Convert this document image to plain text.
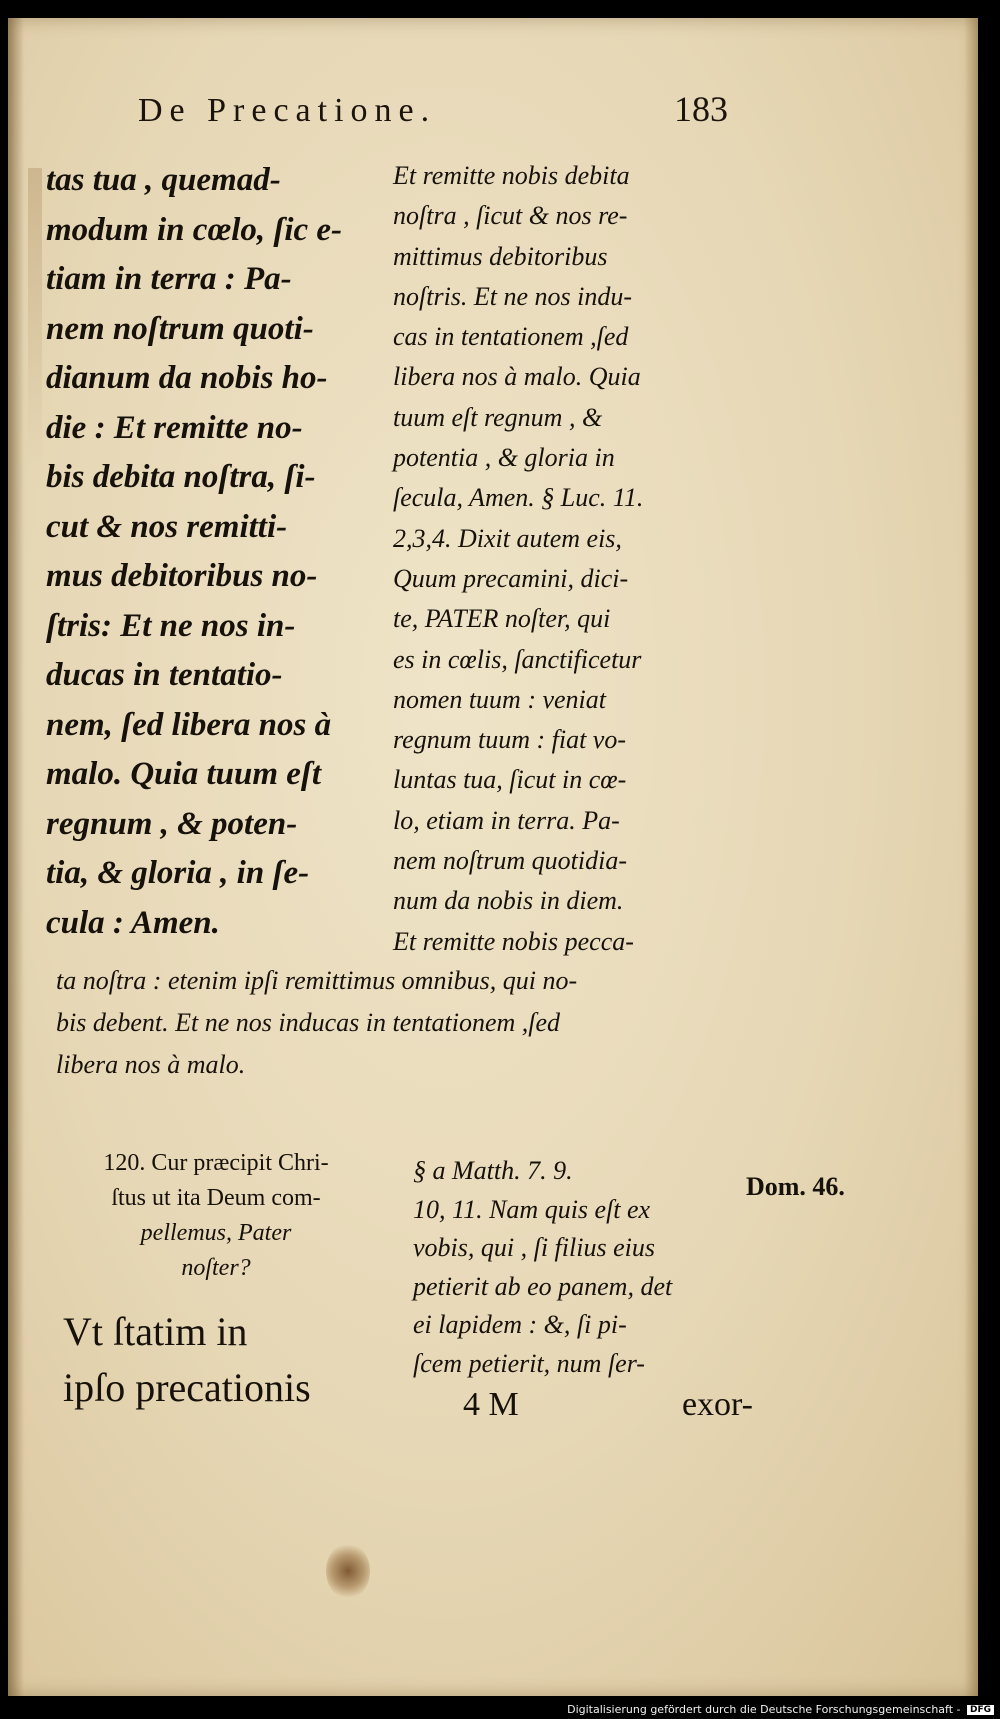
De Precatione.	183
tas tua , quemad-
modum in cœlo, ſic e-
tiam in terra : Pa-
nem noſtrum quoti-
dianum da nobis ho-
die : Et remitte no-
bis debita noſtra, ſi-
cut & nos remitti-
mus debitoribus no-
ſtris: Et ne nos in-
ducas in tentatio-
nem, ſed libera nos à
malo. Quia tuum eſt
regnum , & poten-
tia, & gloria , in ſe-
cula : Amen.
Et remitte nobis debita
noſtra , ſicut & nos re-
mittimus debitoribus
noſtris. Et ne nos indu-
cas in tentationem ,ſed
libera nos à malo. Quia
tuum eſt regnum , &
potentia , & gloria in
ſecula, Amen. § Luc. 11.
2,3,4. Dixit autem eis,
Quum precamini, dici-
te, PATER noſter, qui
es in cœlis, ſanctificetur
nomen tuum : veniat
regnum tuum : fiat vo-
luntas tua, ſicut in cœ-
lo, etiam in terra. Pa-
nem noſtrum quotidia-
num da nobis in diem.
Et remitte nobis pecca-
ta noſtra : etenim ipſi remittimus omnibus, qui no-
bis debent. Et ne nos inducas in tentationem ,ſed
libera nos à malo.
120. Cur præcipit Chri-
ſtus ut ita Deum com-
pellemus, Pater
noſter?
Vt ſtatim in
ipſo precationis
§ a Matth. 7. 9.
10, 11. Nam quis eſt ex
vobis, qui , ſi filius eius
petierit ab eo panem, det
ei lapidem : &, ſi pi-
ſcem petierit, num ſer-
Dom. 46.
4 M	exor-
Digitalisierung gefördert durch die Deutsche Forschungsgemeinschaft - DFG
